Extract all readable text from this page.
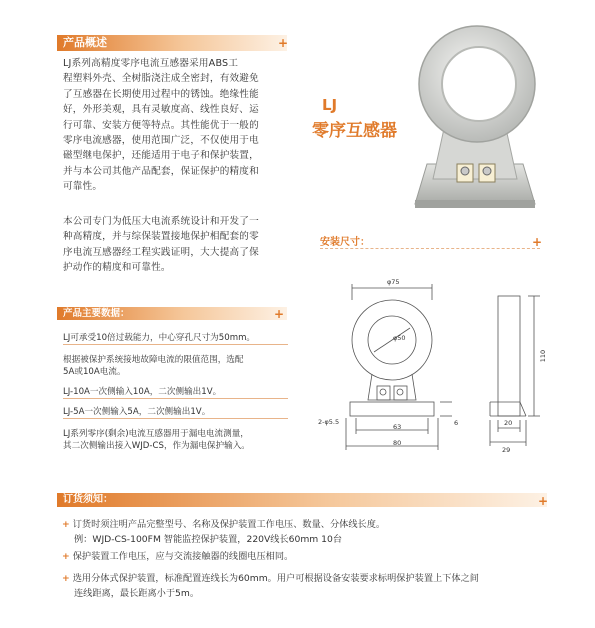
产品概述	+
LJ系列高精度零序电流互感器采用ABS工
程塑料外壳、全树脂浇注成全密封，有效避免
了互感器在长期使用过程中的锈蚀。绝缘性能
好，外形美观，具有灵敏度高、线性良好、运
行可靠、安装方便等特点。其性能优于一般的
零序电流感器，使用范围广泛，不仅使用于电
磁型继电保护，还能适用于电子和保护装置，
并与本公司其他产品配套，保证保护的精度和
可靠性。
本公司专门为低压大电流系统设计和开发了一
种高精度，并与综保装置接地保护相配套的零
序电流互感器经工程实践证明，大大提高了保
护动作的精度和可靠性。
LJ
零序互感器
安装尺寸：	+
φ75
φ50
2-φ5.5
63
80
6
110
20
29
产品主要数据：	+
LJ可承受10倍过载能力，中心穿孔尺寸为50mm。
根据被保护系统接地故障电流的限值范围，选配
5A或10A电流。
LJ-10A一次侧输入10A，二次侧输出1V。
LJ-5A一次侧输入5A，二次侧输出1V。
LJ系列零序(剩余)电流互感器用于漏电电流测量，
其二次侧输出接入WJD-CS，作为漏电保护输入。
订货须知：	+
+ 订货时须注明产品完整型号、名称及保护装置工作电压、数量、分体线长度。
例：WJD-CS-100FM 智能监控保护装置，220V线长60mm 10台
+ 保护装置工作电压，应与交流接触器的线圈电压相同。
+ 选用分体式保护装置，标准配置连线长为60mm。用户可根据设备安装要求标明保护装置上下体之间
连线距离，最长距离小于5m。
